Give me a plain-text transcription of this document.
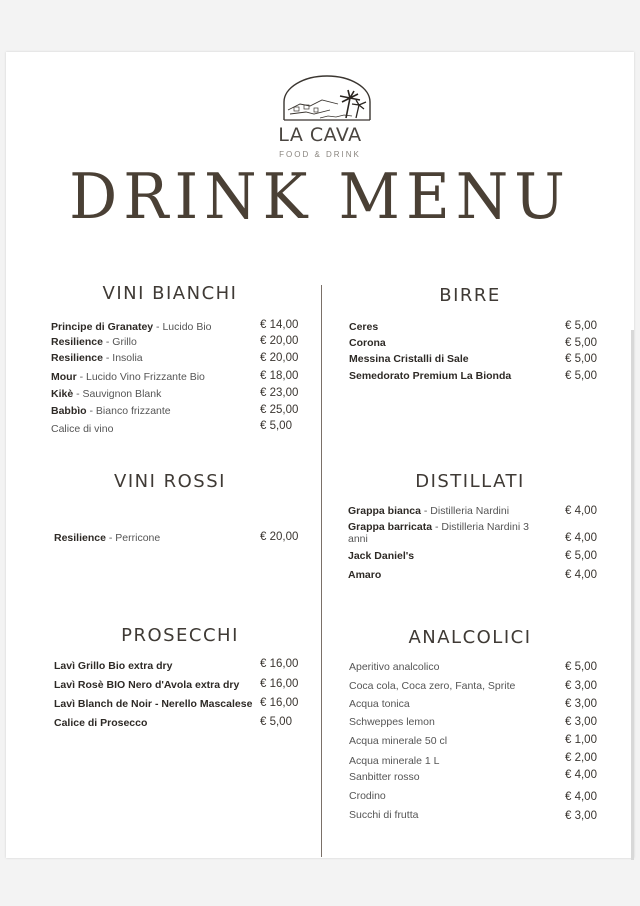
LA CAVA
FOOD & DRINK
DRINK MENU
VINI BIANCHI	BIRRE
VINI ROSSI	DISTILLATI
PROSECCHI	ANALCOLICI
Principe di Granatey - Lucido Bio	€ 14,00
Resilience - Grillo	€ 20,00
Resilience - Insolia	€ 20,00
Mour - Lucido Vino Frizzante Bio	€ 18,00
Kikè - Sauvignon Blank	€ 23,00
Babbìo - Bianco frizzante	€ 25,00
Calice di vino	€ 5,00
Resilience - Perricone	€ 20,00
Lavì Grillo Bio extra dry	€ 16,00
Lavì Rosè BIO Nero d'Avola extra dry € 16,00
Lavì Blanch de Noir - Nerello Mascalese € 16,00
Calice di Prosecco	€ 5,00
Ceres	€ 5,00
Corona	€ 5,00
Messina Cristalli di Sale	€ 5,00
Semedorato Premium La Bionda	€ 5,00
Grappa bianca - Distilleria Nardini	€ 4,00
Grappa barricata - Distilleria Nardini 3
anni	€ 4,00
Jack Daniel's	€ 5,00
Amaro	€ 4,00
Aperitivo analcolico	€ 5,00
Coca cola, Coca zero, Fanta, Sprite	€ 3,00
Acqua tonica	€ 3,00
Schweppes lemon	€ 3,00
Acqua minerale 50 cl	€ 1,00
Acqua minerale 1 L	€ 2,00
Sanbitter rosso	€ 4,00
Crodino	€ 4,00
Succhi di frutta	€ 3,00
